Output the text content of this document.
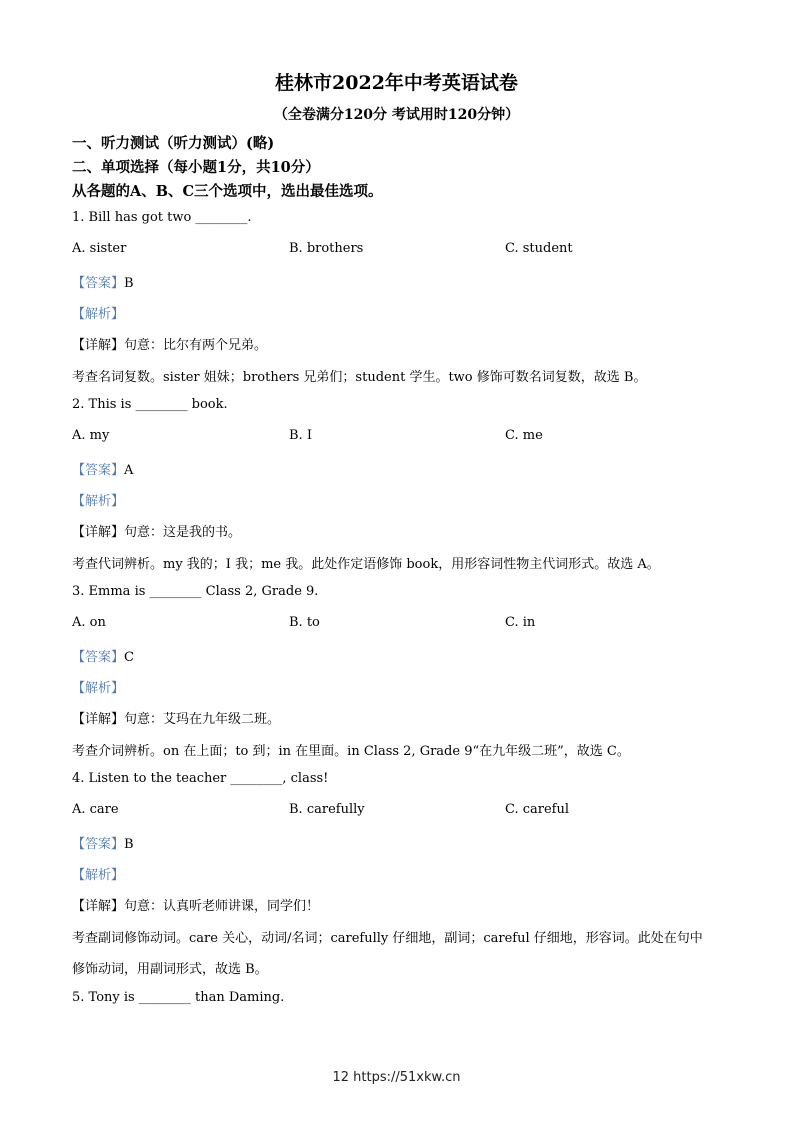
桂林市2022年中考英语试卷
（全卷满分120分 考试用时120分钟）
一、听力测试（听力测试）(略)
二、单项选择（每小题1分，共10分）
从各题的A、B、C三个选项中，选出最佳选项。
1. Bill has got two ________.
A. sister	B. brothers	C. student
【答案】B
【解析】
【详解】句意：比尔有两个兄弟。
考查名词复数。sister 姐妹；brothers 兄弟们；student 学生。two 修饰可数名词复数，故选 B。
2. This is ________ book.
A. my	B. I	C. me
【答案】A
【解析】
【详解】句意：这是我的书。
考查代词辨析。my 我的；I 我；me 我。此处作定语修饰 book，用形容词性物主代词形式。故选 A。
3. Emma is ________ Class 2, Grade 9.
A. on	B. to	C. in
【答案】C
【解析】
【详解】句意：艾玛在九年级二班。
考查介词辨析。on 在上面；to 到；in 在里面。in Class 2, Grade 9“在九年级二班”，故选 C。
4. Listen to the teacher ________, class!
A. care	B. carefully	C. careful
【答案】B
【解析】
【详解】句意：认真听老师讲课，同学们！
考查副词修饰动词。care 关心，动词/名词；carefully 仔细地，副词；careful 仔细地，形容词。此处在句中
修饰动词，用副词形式，故选 B。
5. Tony is ________ than Daming.
12 https://51xkw.cn
